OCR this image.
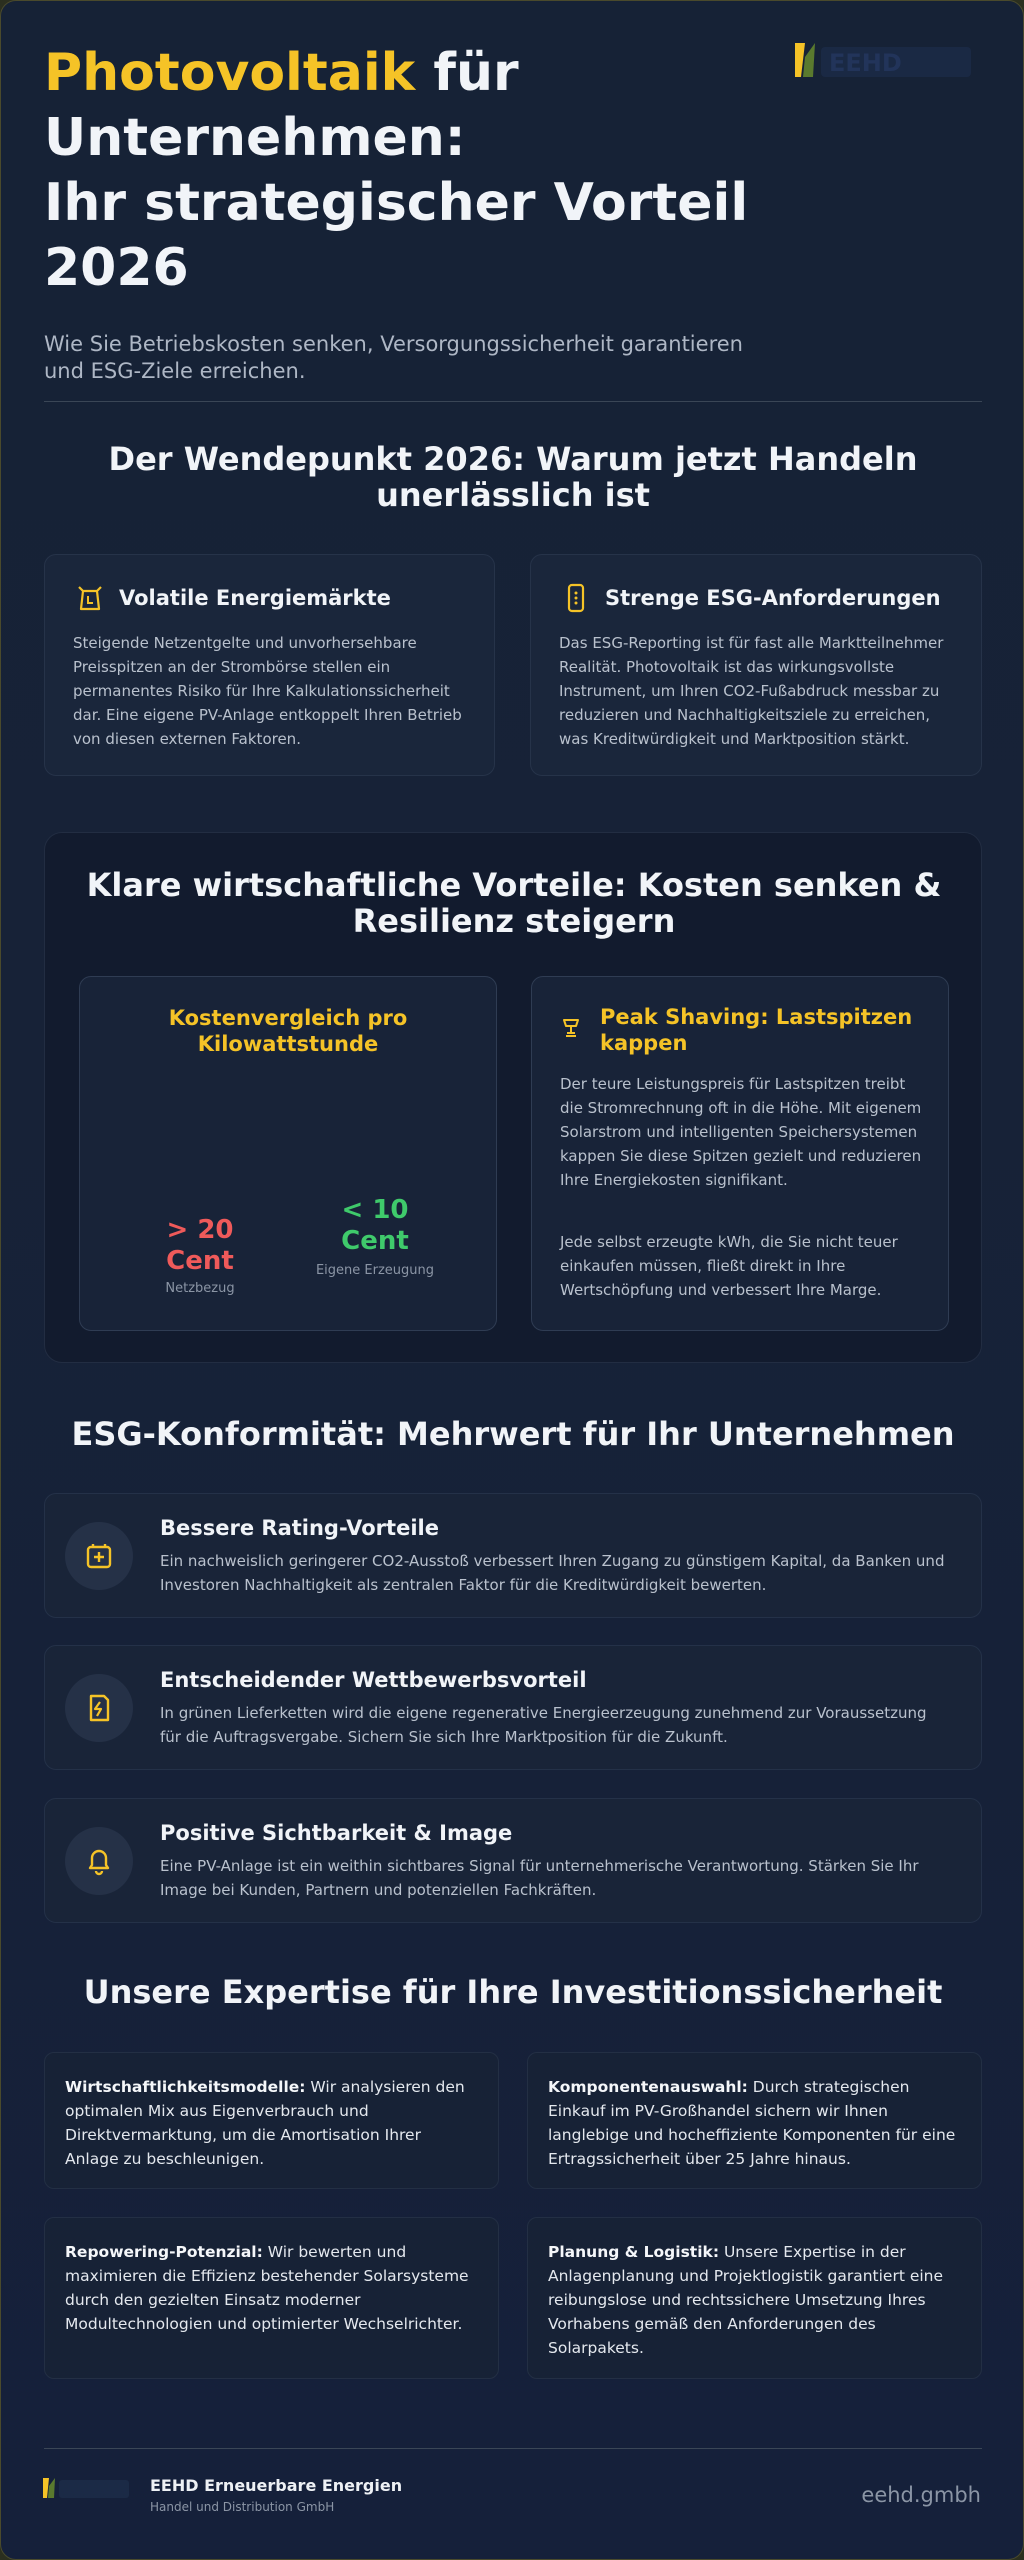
EEHD
Photovoltaik für
Unternehmen:
Ihr strategischer Vorteil
2026

Wie Sie Betriebskosten senken, Versorgungssicherheit garantieren und ESG-Ziele erreichen.

Der Wendepunkt 2026: Warum jetzt Handeln unerlässlich ist
Volatile Energiemärkte

Steigende Netzentgelte und unvorhersehbare Preisspitzen an der Strombörse stellen ein permanentes Risiko für Ihre Kalkulationssicherheit dar. Eine eigene PV-Anlage entkoppelt Ihren Betrieb von diesen externen Faktoren.

Strenge ESG-Anforderungen

Das ESG-Reporting ist für fast alle Marktteilnehmer Realität. Photovoltaik ist das wirkungsvollste Instrument, um Ihren CO2-Fußabdruck messbar zu reduzieren und Nachhaltigkeitsziele zu erreichen, was Kreditwürdigkeit und Marktposition stärkt.

Klare wirtschaftliche Vorteile: Kosten senken & Resilienz steigern
Kostenvergleich pro Kilowattstunde
> 20 Cent
Netzbezug
< 10 Cent
Eigene Erzeugung
Peak Shaving: Lastspitzen kappen

Der teure Leistungspreis für Lastspitzen treibt die Stromrechnung oft in die Höhe. Mit eigenem Solarstrom und intelligenten Speichersystemen kappen Sie diese Spitzen gezielt und reduzieren Ihre Energiekosten signifikant.

Jede selbst erzeugte kWh, die Sie nicht teuer einkaufen müssen, fließt direkt in Ihre Wertschöpfung und verbessert Ihre Marge.

ESG-Konformität: Mehrwert für Ihr Unternehmen
Bessere Rating-Vorteile

Ein nachweislich geringerer CO2-Ausstoß verbessert Ihren Zugang zu günstigem Kapital, da Banken und Investoren Nachhaltigkeit als zentralen Faktor für die Kreditwürdigkeit bewerten.

Entscheidender Wettbewerbsvorteil

In grünen Lieferketten wird die eigene regenerative Energieerzeugung zunehmend zur Voraussetzung für die Auftragsvergabe. Sichern Sie sich Ihre Marktposition für die Zukunft.

Positive Sichtbarkeit & Image

Eine PV-Anlage ist ein weithin sichtbares Signal für unternehmerische Verantwortung. Stärken Sie Ihr Image bei Kunden, Partnern und potenziellen Fachkräften.

Unsere Expertise für Ihre Investitionssicherheit

Wirtschaftlichkeitsmodelle: Wir analysieren den optimalen Mix aus Eigenverbrauch und Direktvermarktung, um die Amortisation Ihrer Anlage zu beschleunigen.

Komponentenauswahl: Durch strategischen Einkauf im PV-Großhandel sichern wir Ihnen langlebige und hocheffiziente Komponenten für eine Ertragssicherheit über 25 Jahre hinaus.

Repowering-Potenzial: Wir bewerten und maximieren die Effizienz bestehender Solarsysteme durch den gezielten Einsatz moderner Modultechnologien und optimierter Wechselrichter.

Planung & Logistik: Unsere Expertise in der Anlagenplanung und Projektlogistik garantiert eine reibungslose und rechtssichere Umsetzung Ihres Vorhabens gemäß den Anforderungen des Solarpakets.

EEHD Erneuerbare Energien
Handel und Distribution GmbH	eehd.gmbh
